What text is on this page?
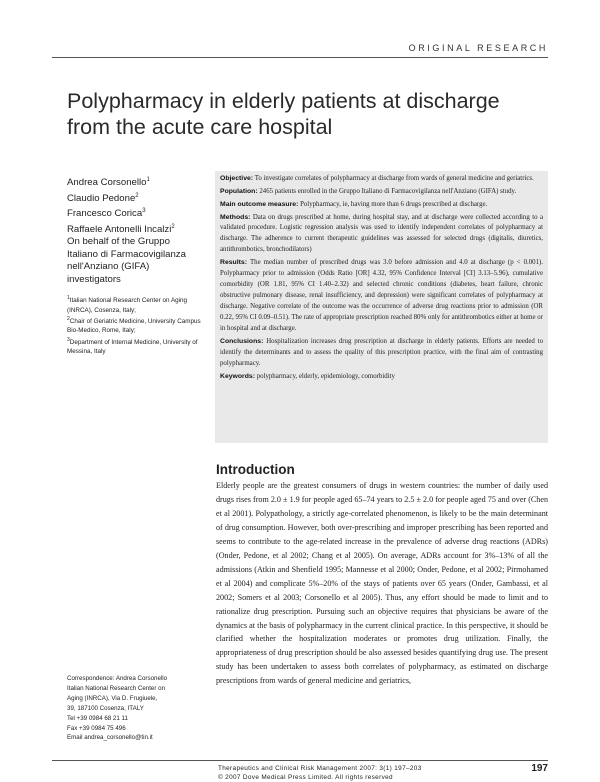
ORIGINAL RESEARCH
Polypharmacy in elderly patients at discharge from the acute care hospital
Andrea Corsonello$^1$
Claudio Pedone$^2$
Francesco Corica$^3$
Raffaele Antonelli Incalzi$^2$
On behalf of the Gruppo
Italiano di Farmacovigilanza
nell'Anziano (GIFA)
investigators
$^1$Italian National Research Center on Aging (INRCA), Cosenza, Italy;
$^2$Chair of Geriatric Medicine, University Campus Bio-Medico, Rome, Italy;
$^3$Department of Internal Medicine, University of Messina, Italy

Objective: To investigate correlates of polypharmacy at discharge from wards of general medicine and geriatrics.

Population: 2465 patients enrolled in the Gruppo Italiano di Farmacovigilanza nell'Anziano (GIFA) study.

Main outcome measure: Polypharmacy, ie, having more than 6 drugs prescribed at discharge.

Methods: Data on drugs prescribed at home, during hospital stay, and at discharge were collected according to a validated procedure. Logistic regression analysis was used to identify independent correlates of polypharmacy at discharge. The adherence to current therapeutic guidelines was assessed for selected drugs (digitalis, diuretics, antithrombotics, bronchodilators)

Results: The median number of prescribed drugs was 3.0 before admission and 4.0 at discharge (p < 0.001). Polypharmacy prior to admission (Odds Ratio [OR] 4.32, 95% Confidence Interval [CI] 3.13–5.96), cumulative comorbidity (OR 1.81, 95% CI 1.40–2.32) and selected chronic conditions (diabetes, heart failure, chronic obstructive pulmonary disease, renal insufficiency, and depression) were significant correlates of polypharmacy at discharge. Negative correlate of the outcome was the occurrence of adverse drug reactions prior to admission (OR 0.22, 95% CI 0.09–0.51). The rate of appropriate prescription reached 80% only for antithrombotics either at home or in hospital and at discharge.

Conclusions: Hospitalization increases drug prescription at discharge in elderly patients. Efforts are needed to identify the determinants and to assess the quality of this prescription practice, with the final aim of contrasting polypharmacy.

Keywords: polypharmacy, elderly, epidemiology, comorbidity

Introduction

Elderly people are the greatest consumers of drugs in western countries: the number of daily used drugs rises from 2.0 ± 1.9 for people aged 65–74 years to 2.5 ± 2.0 for people aged 75 and over (Chen et al 2001). Polypathology, a strictly age-correlated phenomenon, is likely to be the main determinant of drug consumption. However, both over-prescribing and improper prescribing has been reported and seems to contribute to the age-related increase in the prevalence of adverse drug reactions (ADRs) (Onder, Pedone, et al 2002; Chang et al 2005). On average, ADRs account for 3%–13% of all the admissions (Atkin and Shenfield 1995; Mannesse et al 2000; Onder, Pedone, et al 2002; Pirmohamed et al 2004) and complicate 5%–20% of the stays of patients over 65 years (Onder, Gambassi, et al 2002; Somers et al 2003; Corsonello et al 2005). Thus, any effort should be made to limit and to rationalize drug prescription. Pursuing such an objective requires that physicians be aware of the dynamics at the basis of polypharmacy in the current clinical practice. In this perspective, it should be clarified whether the hospitalization moderates or promotes drug utilization. Finally, the appropriateness of drug prescription should be also assessed besides quantifying drug use. The present study has been undertaken to assess both correlates of polypharmacy, as estimated on discharge prescriptions from wards of general medicine and geriatrics,

Correspondence: Andrea Corsonello
Italian National Research Center on
Aging (INRCA), Via D. Frugiuele,
39, 187100 Cosenza, ITALY
Tel +39 0984 68 21 11
Fax +39 0984 75 496
Email andrea_corsonello@tin.it
Therapeutics and Clinical Risk Management 2007: 3(1) 197–203
© 2007 Dove Medical Press Limited. All rights reserved
197
